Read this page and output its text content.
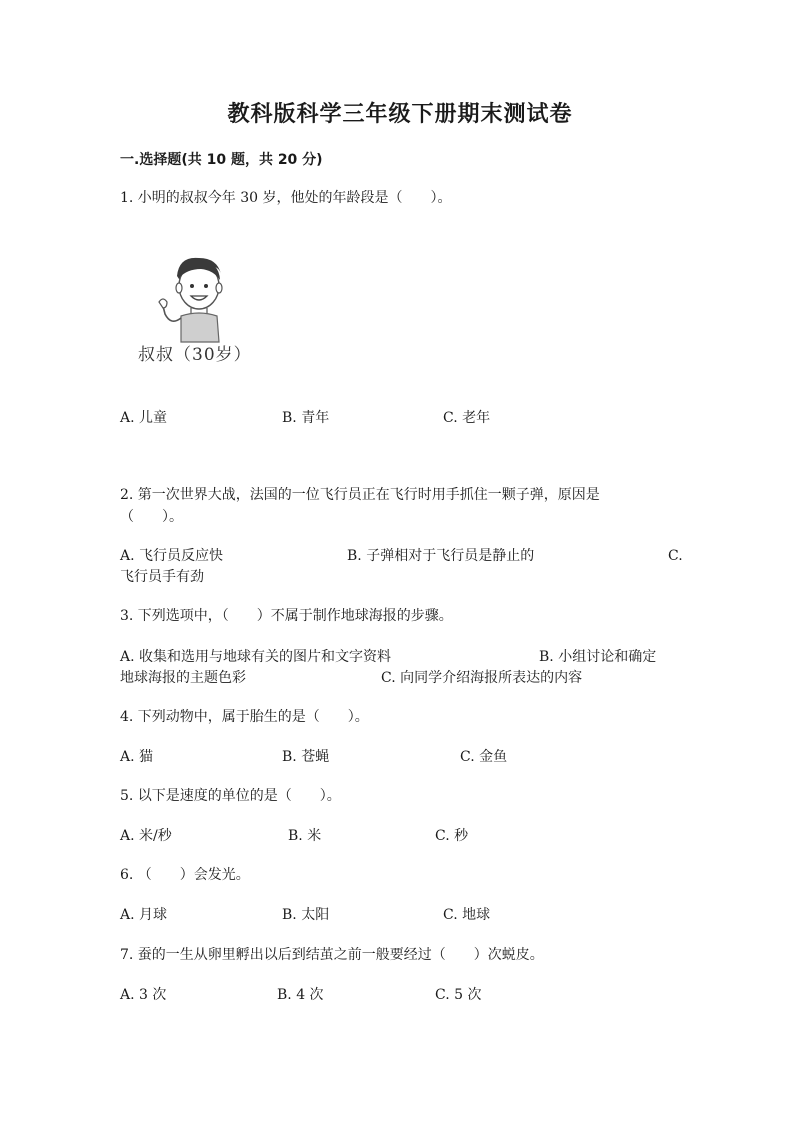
教科版科学三年级下册期末测试卷
一.选择题(共 10 题，共 20 分)
1. 小明的叔叔今年 30 岁，他处的年龄段是（　　）。
叔叔（30岁）
A. 儿童	B. 青年	C. 老年
2. 第一次世界大战，法国的一位飞行员正在飞行时用手抓住一颗子弹，原因是
（　　）。
A. 飞行员反应快	B. 子弹相对于飞行员是静止的	C.
飞行员手有劲
3. 下列选项中，（　　）不属于制作地球海报的步骤。
A. 收集和选用与地球有关的图片和文字资料	B. 小组讨论和确定
地球海报的主题色彩	C. 向同学介绍海报所表达的内容
4. 下列动物中，属于胎生的是（　　）。
A. 猫	B. 苍蝇	C. 金鱼
5. 以下是速度的单位的是（　　）。
A. 米/秒	B. 米	C. 秒
6. （　　）会发光。
A. 月球	B. 太阳	C. 地球
7. 蚕的一生从卵里孵出以后到结茧之前一般要经过（　　）次蜕皮。
A. 3 次	B. 4 次	C. 5 次
